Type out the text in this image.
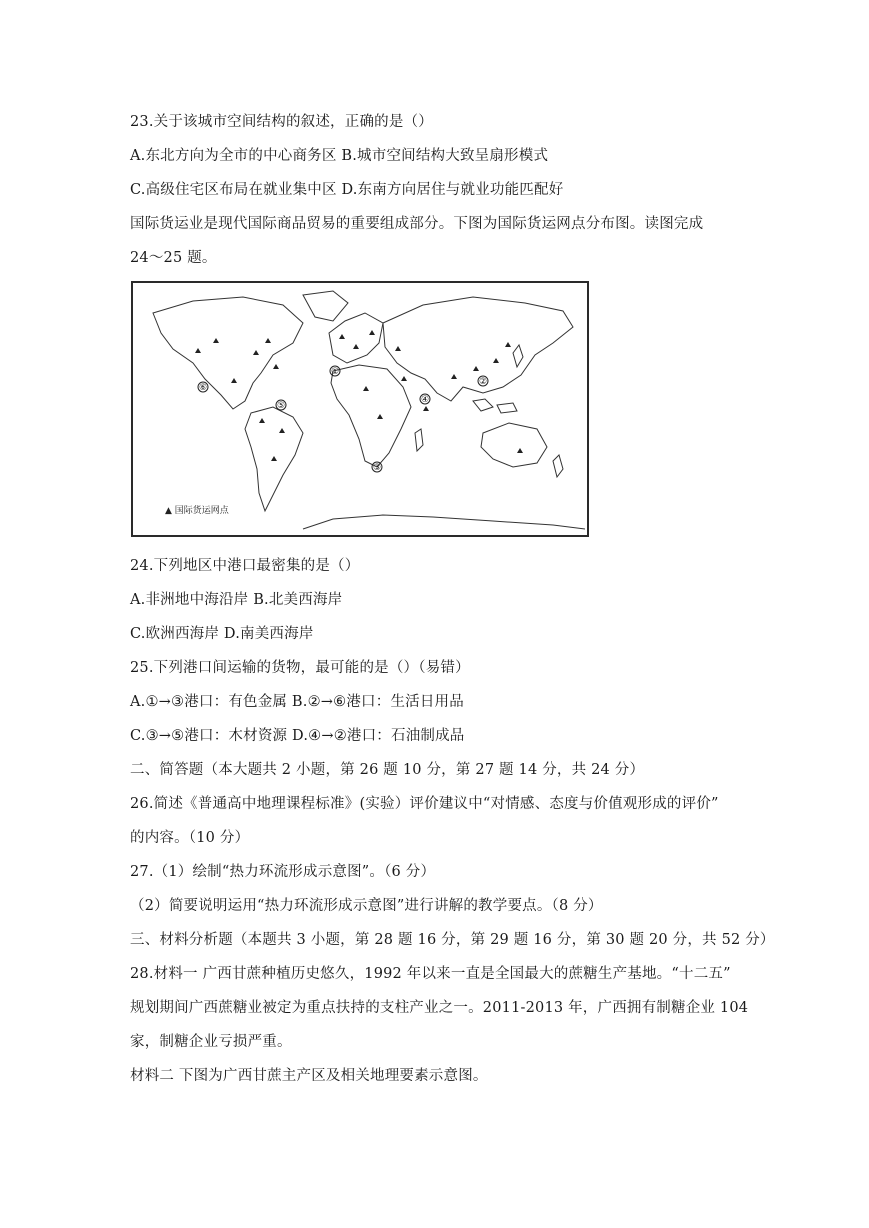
23.关于该城市空间结构的叙述，正确的是（）
A.东北方向为全市的中心商务区 B.城市空间结构大致呈扇形模式
C.高级住宅区布局在就业集中区 D.东南方向居住与就业功能匹配好
国际货运业是现代国际商品贸易的重要组成部分。下图为国际货运网点分布图。读图完成
24～25 题。
⑥
⑤
①
③
④
②
▲ 国际货运网点
24.下列地区中港口最密集的是（）
A.非洲地中海沿岸 B.北美西海岸
C.欧洲西海岸 D.南美西海岸
25.下列港口间运输的货物，最可能的是（）（易错）
A.①→③港口：有色金属 B.②→⑥港口：生活日用品
C.③→⑤港口：木材资源 D.④→②港口：石油制成品
二、简答题（本大题共 2 小题，第 26 题 10 分，第 27 题 14 分，共 24 分）
26.简述《普通高中地理课程标准》(实验）评价建议中“对情感、态度与价值观形成的评价”
的内容。（10 分）
27.（1）绘制“热力环流形成示意图”。（6 分）
（2）简要说明运用“热力环流形成示意图”进行讲解的教学要点。（8 分）
三、材料分析题（本题共 3 小题，第 28 题 16 分，第 29 题 16 分，第 30 题 20 分，共 52 分）
28.材料一 广西甘蔗种植历史悠久，1992 年以来一直是全国最大的蔗糖生产基地。“十二五”
规划期间广西蔗糖业被定为重点扶持的支柱产业之一。2011-2013 年，广西拥有制糖企业 104
家，制糖企业亏损严重。
材料二 下图为广西甘蔗主产区及相关地理要素示意图。
